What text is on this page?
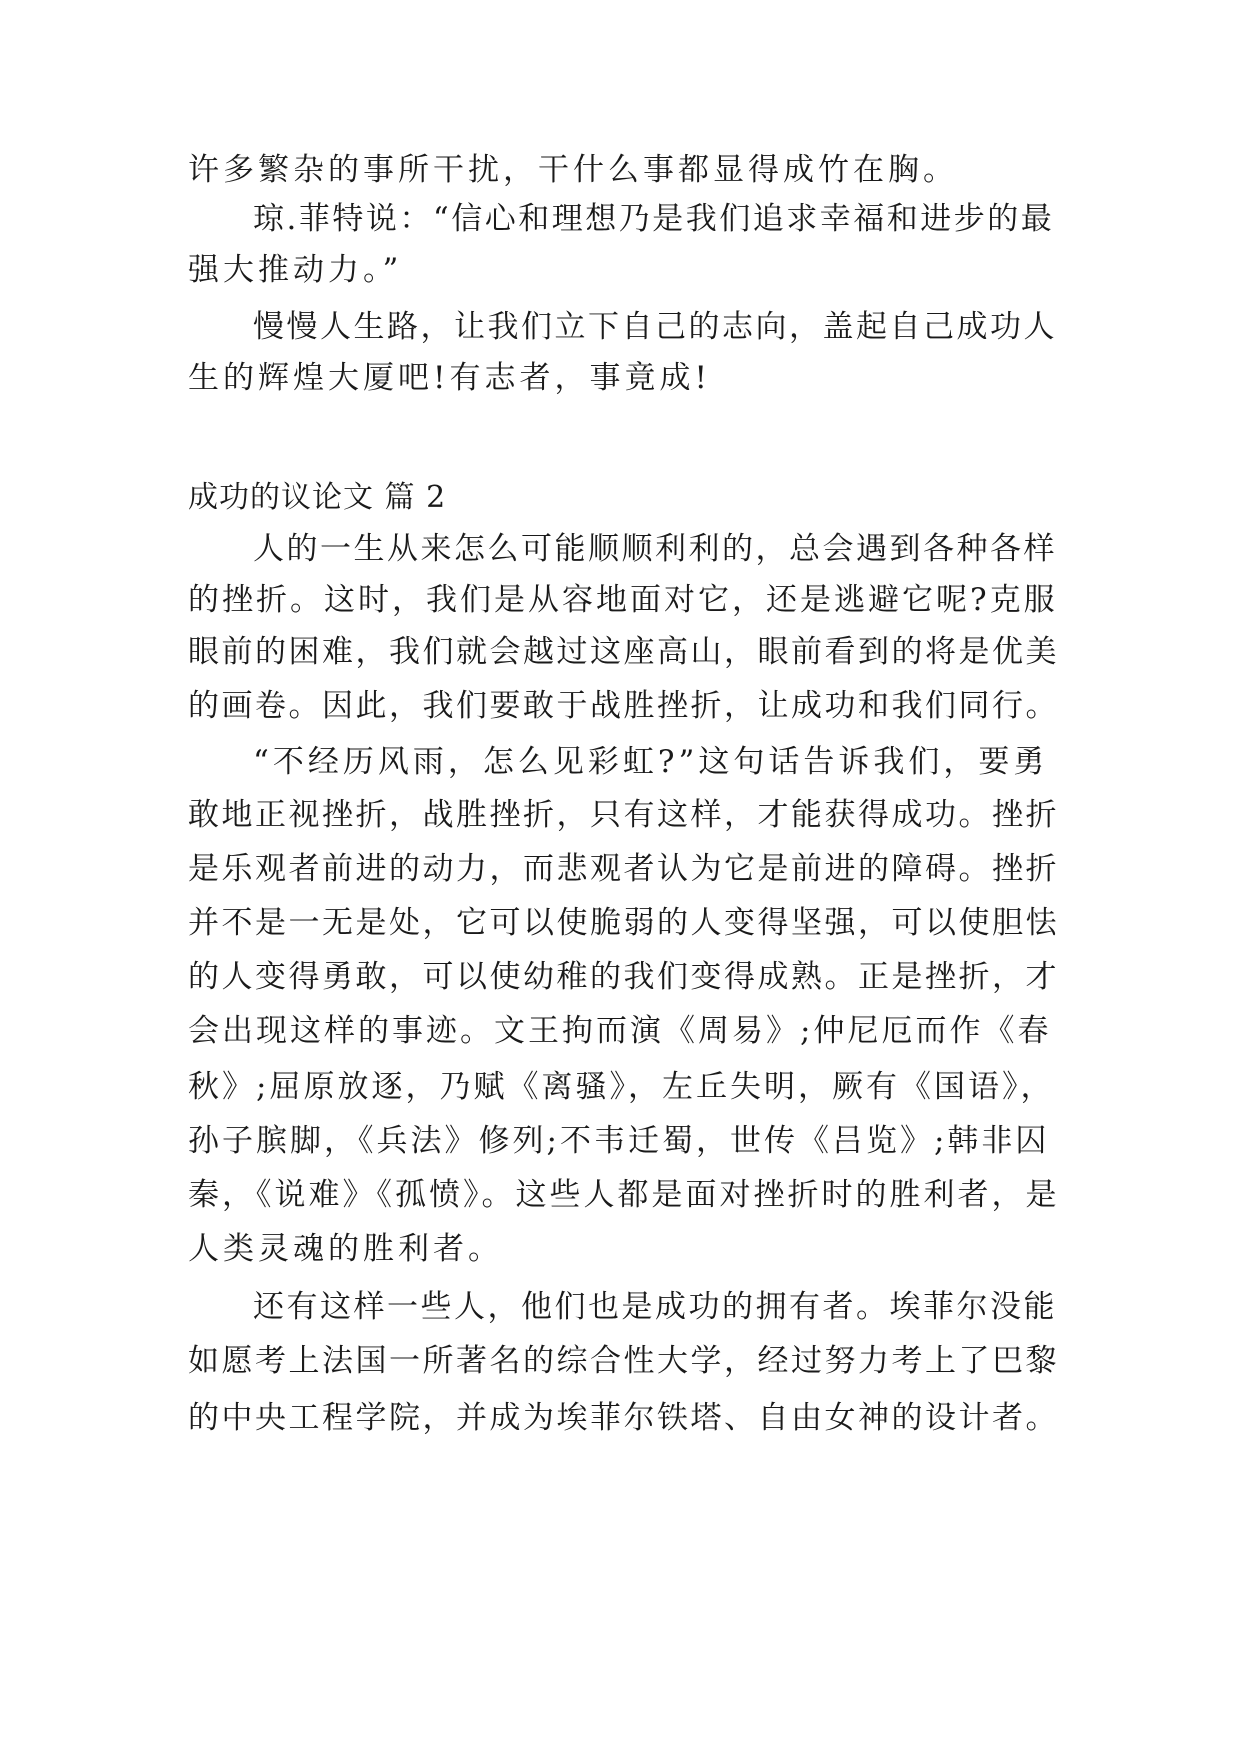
许多繁杂的事所干扰，干什么事都显得成竹在胸。
琼.菲特说：“信心和理想乃是我们追求幸福和进步的最
强大推动力。”
慢慢人生路，让我们立下自己的志向，盖起自己成功人
生的辉煌大厦吧!有志者，事竟成!
成功的议论文 篇 2
人的一生从来怎么可能顺顺利利的，总会遇到各种各样
的挫折。这时，我们是从容地面对它，还是逃避它呢?克服
眼前的困难，我们就会越过这座高山，眼前看到的将是优美
的画卷。因此，我们要敢于战胜挫折，让成功和我们同行。
“不经历风雨，怎么见彩虹?”这句话告诉我们，要勇
敢地正视挫折，战胜挫折，只有这样，才能获得成功。挫折
是乐观者前进的动力，而悲观者认为它是前进的障碍。挫折
并不是一无是处，它可以使脆弱的人变得坚强，可以使胆怯
的人变得勇敢，可以使幼稚的我们变得成熟。正是挫折，才
会出现这样的事迹。文王拘而演《周易》;仲尼厄而作《春
秋》;屈原放逐，乃赋《离骚》，左丘失明，厥有《国语》，
孙子膑脚，《兵法》修列;不韦迁蜀，世传《吕览》;韩非囚
秦，《说难》《孤愤》。这些人都是面对挫折时的胜利者，是
人类灵魂的胜利者。
还有这样一些人，他们也是成功的拥有者。埃菲尔没能
如愿考上法国一所著名的综合性大学，经过努力考上了巴黎
的中央工程学院，并成为埃菲尔铁塔、自由女神的设计者。
